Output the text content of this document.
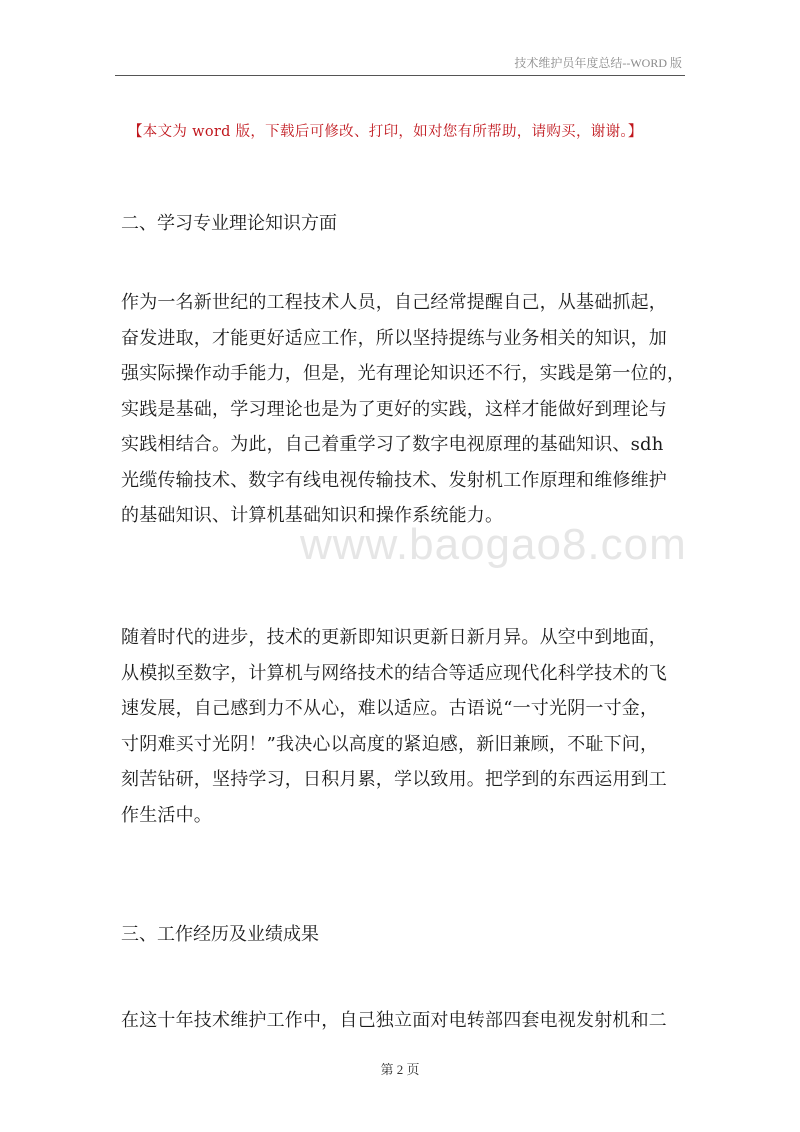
技术维护员年度总结--WORD 版
【本文为 word 版，下载后可修改、打印，如对您有所帮助，请购买，谢谢。】
www.baogao8.com
二、学习专业理论知识方面
作为一名新世纪的工程技术人员，自己经常提醒自己，从基础抓起，
奋发进取，才能更好适应工作，所以坚持提练与业务相关的知识，加
强实际操作动手能力，但是，光有理论知识还不行，实践是第一位的，
实践是基础，学习理论也是为了更好的实践，这样才能做好到理论与
实践相结合。为此，自己着重学习了数字电视原理的基础知识、sdh
光缆传输技术、数字有线电视传输技术、发射机工作原理和维修维护
的基础知识、计算机基础知识和操作系统能力。
随着时代的进步，技术的更新即知识更新日新月异。从空中到地面，
从模拟至数字，计算机与网络技术的结合等适应现代化科学技术的飞
速发展，自己感到力不从心，难以适应。古语说“一寸光阴一寸金，
寸阴难买寸光阴！”我决心以高度的紧迫感，新旧兼顾，不耻下问，
刻苦钻研，坚持学习，日积月累，学以致用。把学到的东西运用到工
作生活中。
三、工作经历及业绩成果
在这十年技术维护工作中，自己独立面对电转部四套电视发射机和二
第 2 页
